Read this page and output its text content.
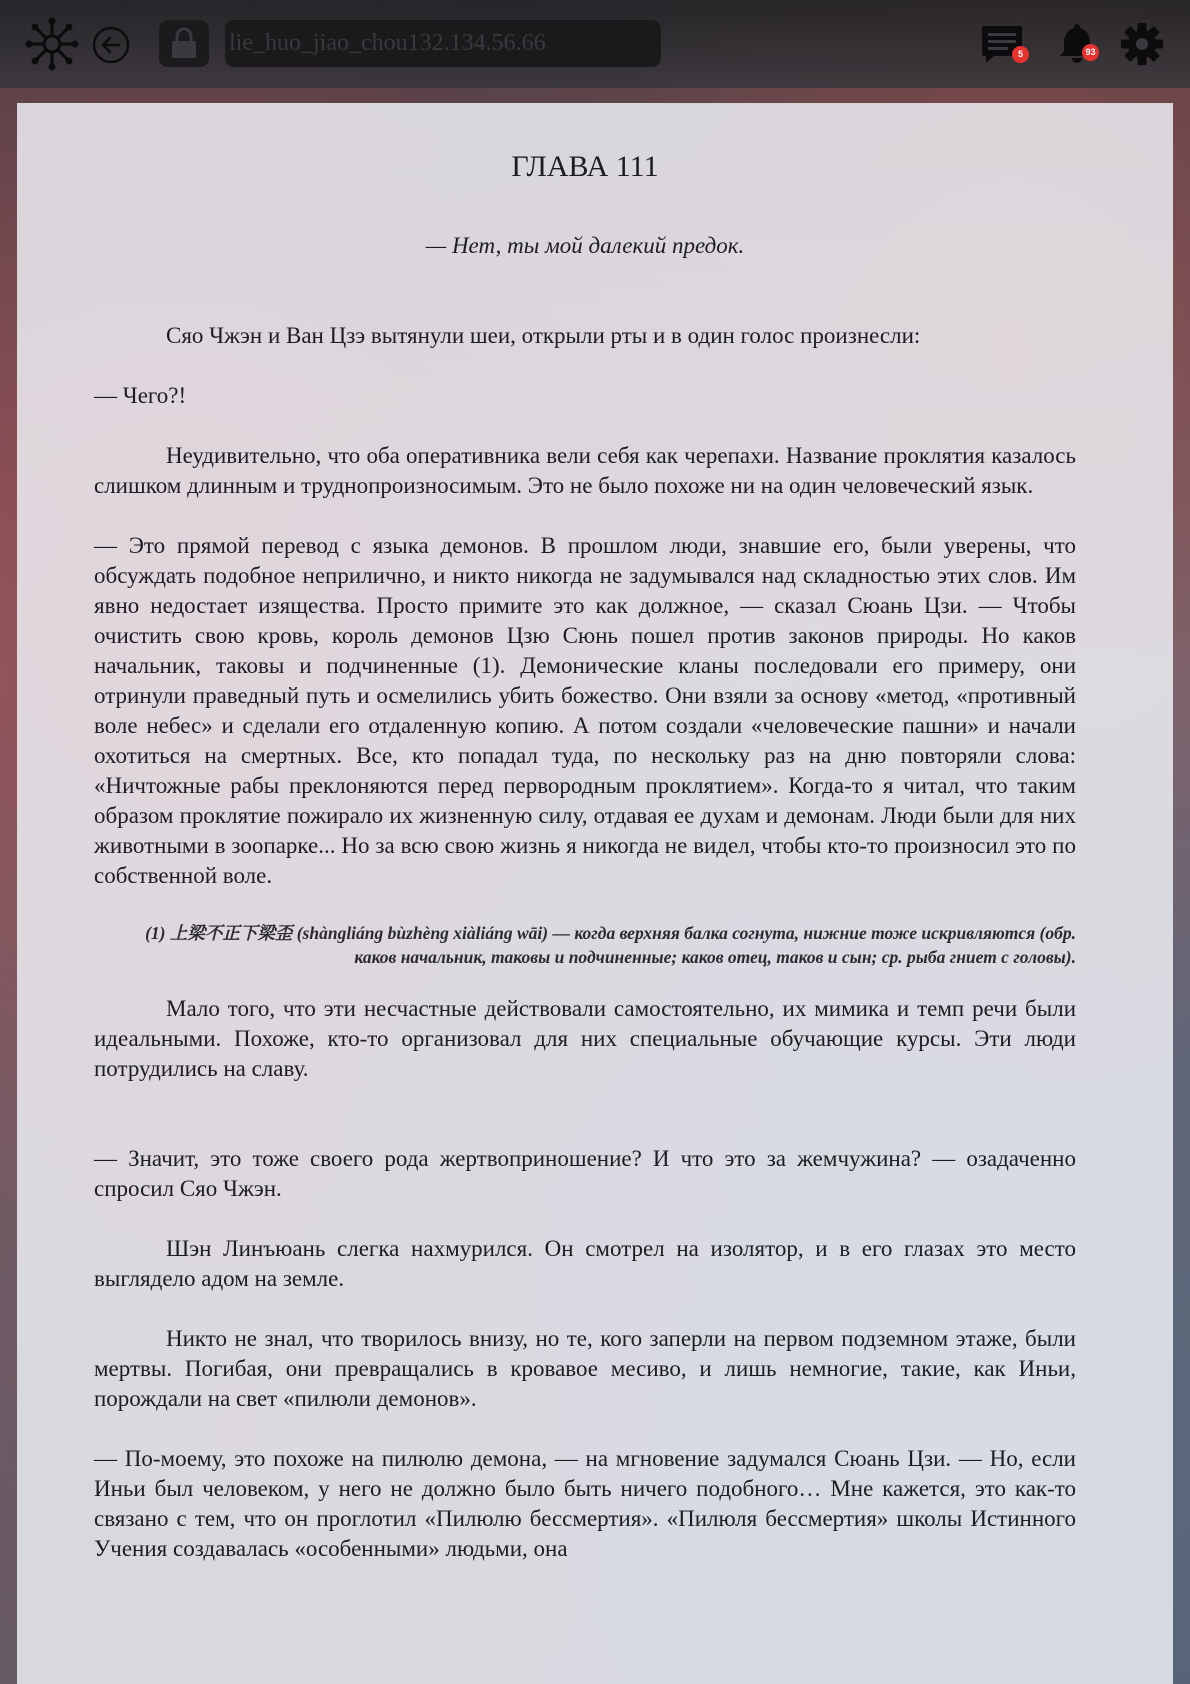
lie_huo_jiao_chou132.134.56.66
5	93
ГЛАВА 111
— Нет, ты мой далекий предок.

Сяо Чжэн и Ван Цзэ вытянули шеи, открыли рты и в один голос произнесли:

— Чего?!

Неудивительно, что оба оперативника вели себя как черепахи. Название проклятия казалось слишком длинным и труднопроизносимым. Это не было похоже ни на один человеческий язык.

— Это прямой перевод с языка демонов. В прошлом люди, знавшие его, были уверены, что обсуждать подобное неприлично, и никто никогда не задумывался над складностью этих слов. Им явно недостает изящества. Просто примите это как должное, — сказал Сюань Цзи. — Чтобы очистить свою кровь, король демонов Цзю Сюнь пошел против законов природы. Но каков начальник, таковы и подчиненные (1). Демонические кланы последовали его примеру, они отринули праведный путь и осмелились убить божество. Они взяли за основу «метод, «противный воле небес» и сделали его отдаленную копию. А потом создали «человеческие пашни» и начали охотиться на смертных. Все, кто попадал туда, по нескольку раз на дню повторяли слова: «Ничтожные рабы преклоняются перед первородным проклятием». Когда-то я читал, что таким образом проклятие пожирало их жизненную силу, отдавая ее духам и демонам. Люди были для них животными в зоопарке... Но за всю свою жизнь я никогда не видел, чтобы кто-то произносил это по собственной воле.

(1) 上梁不正下梁歪 (shàngliáng bùzhèng xiàliáng wāi) — когда верхняя балка согнута, нижние тоже искривляются (обр. каков начальник, таковы и подчиненные; каков отец, таков и сын; ср. рыба гниет с головы).

Мало того, что эти несчастные действовали самостоятельно, их мимика и темп речи были идеальными. Похоже, кто-то организовал для них специальные обучающие курсы. Эти люди потрудились на славу.

— Значит, это тоже своего рода жертвоприношение? И что это за жемчужина? — озадаченно спросил Сяо Чжэн.

Шэн Линъюань слегка нахмурился. Он смотрел на изолятор, и в его глазах это место выглядело адом на земле.

Никто не знал, что творилось внизу, но те, кого заперли на первом подземном этаже, были мертвы. Погибая, они превращались в кровавое месиво, и лишь немногие, такие, как Иньи, порождали на свет «пилюли демонов».

— По-моему, это похоже на пилюлю демона, — на мгновение задумался Сюань Цзи. — Но, если Иньи был человеком, у него не должно было быть ничего подобного… Мне кажется, это как-то связано с тем, что он проглотил «Пилюлю бессмертия». «Пилюля бессмертия» школы Истинного Учения создавалась «особенными» людьми, она
